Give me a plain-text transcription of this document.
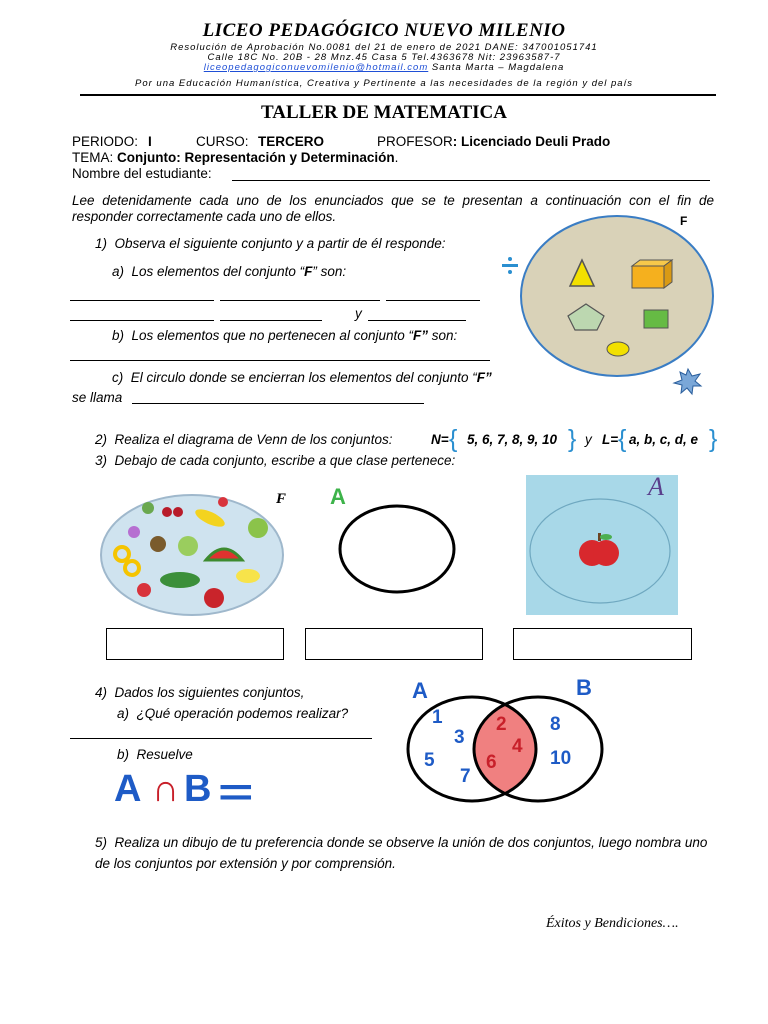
LICEO PEDAGÓGICO NUEVO MILENIO
Resolución de Aprobación No.0081 del 21 de enero de 2021 DANE: 347001051741
Calle 18C No. 20B - 28 Mnz.45 Casa 5 Tel.4363678 Nit: 23963587-7
liceopedagogiconuevomilenio@hotmail.com Santa Marta – Magdalena
Por una Educación Humanística, Creativa y Pertinente a las necesidades de la región y del país
TALLER DE MATEMATICA
PERIODO: I	CURSO: TERCERO	PROFESOR: Licenciado Deuli Prado
TEMA: Conjunto: Representación y Determinación.
Nombre del estudiante:
Lee detenidamente cada uno de los enunciados que se te presentan a continuación con el fin de responder correctamente cada uno de ellos.
1) Observa el siguiente conjunto y a partir de él responde:
a) Los elementos del conjunto “F” son:
y
b) Los elementos que no pertenecen al conjunto “F” son:
c) El circulo donde se encierran los elementos del conjunto “F”
se llama
F
2) Realiza el diagrama de Venn de los conjuntos:	N= { 5, 6, 7, 8, 9, 10 } y L= { a, b, c, d, e }
3) Debajo de cada conjunto, escribe a que clase pertenece:
F A	A
4) Dados los siguientes conjuntos,
a) ¿Qué operación podemos realizar?
b) Resuelve
A ∩ B =
A	B
1
3
5
7
2
4
6
8
10
5) Realiza un dibujo de tu preferencia donde se observe la unión de dos conjuntos, luego nombra uno de los conjuntos por extensión y por comprensión.
Éxitos y Bendiciones….
